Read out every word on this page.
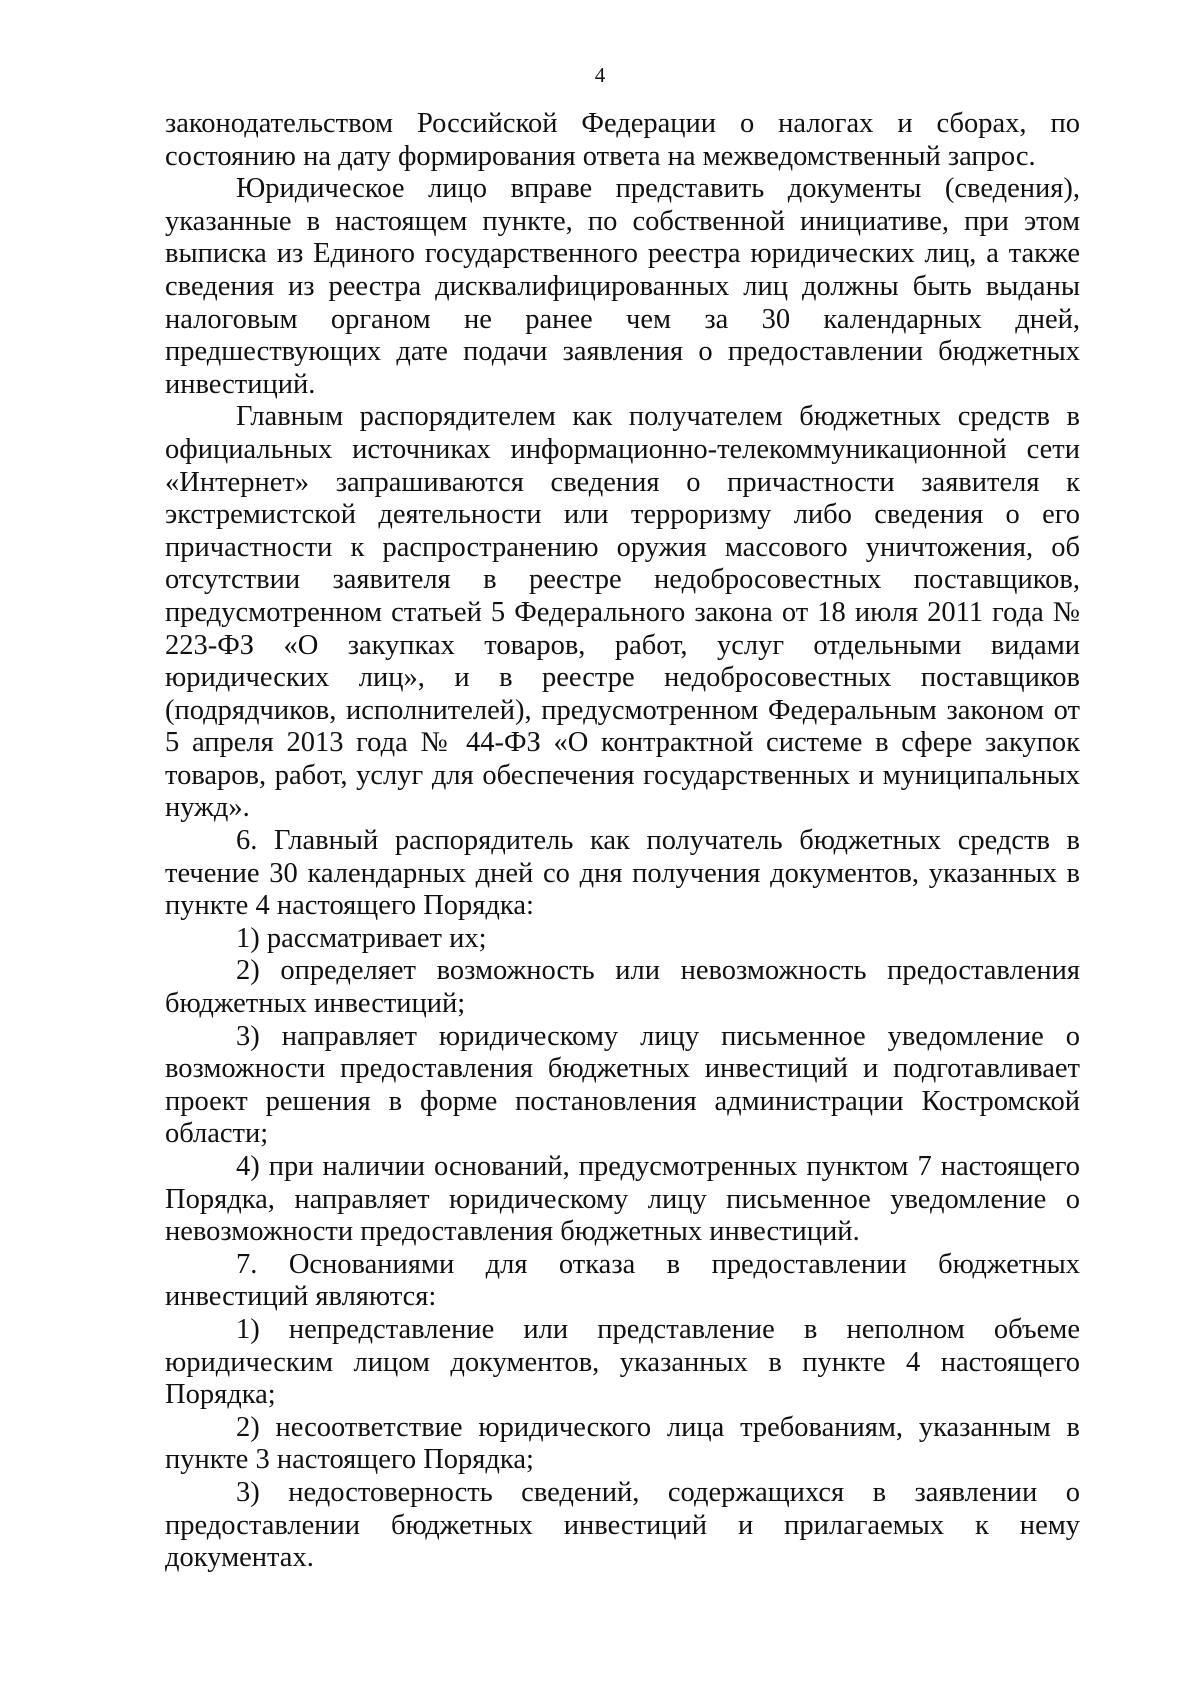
4

законодательством Российской Федерации о налогах и сборах, по состоянию на дату формирования ответа на межведомственный запрос.

Юридическое лицо вправе представить документы (сведения), указанные в настоящем пункте, по собственной инициативе, при этом выписка из Единого государственного реестра юридических лиц, а также сведения из реестра дисквалифицированных лиц должны быть выданы налоговым органом не ранее чем за 30 календарных дней, предшествующих дате подачи заявления о предоставлении бюджетных инвестиций.

Главным распорядителем как получателем бюджетных средств в официальных источниках информационно-телекоммуникационной сети «Интернет» запрашиваются сведения о причастности заявителя к экстремистской деятельности или терроризму либо сведения о его причастности к распространению оружия массового уничтожения, об отсутствии заявителя в реестре недобросовестных поставщиков, предусмотренном статьей 5 Федерального закона от 18 июля 2011 года № 223-ФЗ «О закупках товаров, работ, услуг отдельными видами юридических лиц», и в реестре недобросовестных поставщиков (подрядчиков, исполнителей), предусмотренном Федеральным законом от 5 апреля 2013 года № 44-ФЗ «О контрактной системе в сфере закупок товаров, работ, услуг для обеспечения государственных и муниципальных нужд».

6. Главный распорядитель как получатель бюджетных средств в течение 30 календарных дней со дня получения документов, указанных в пункте 4 настоящего Порядка:

1) рассматривает их;

2) определяет возможность или невозможность предоставления бюджетных инвестиций;

3) направляет юридическому лицу письменное уведомление о возможности предоставления бюджетных инвестиций и подготавливает проект решения в форме постановления администрации Костромской области;

4) при наличии оснований, предусмотренных пунктом 7 настоящего Порядка, направляет юридическому лицу письменное уведомление о невозможности предоставления бюджетных инвестиций.

7. Основаниями для отказа в предоставлении бюджетных инвестиций являются:

1) непредставление или представление в неполном объеме юридическим лицом документов, указанных в пункте 4 настоящего Порядка;

2) несоответствие юридического лица требованиям, указанным в пункте 3 настоящего Порядка;

3) недостоверность сведений, содержащихся в заявлении о предоставлении бюджетных инвестиций и прилагаемых к нему документах.
